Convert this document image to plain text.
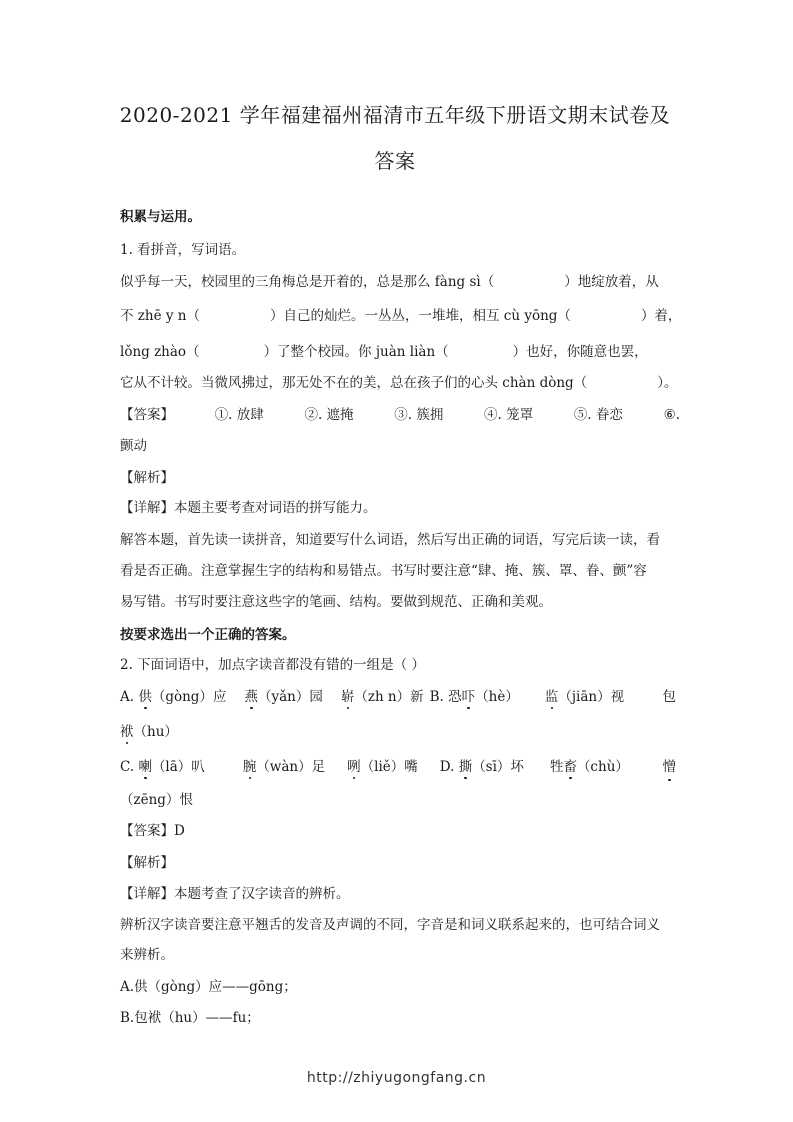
2020-2021 学年福建福州福清市五年级下册语文期末试卷及
答案
积累与运用。
1. 看拼音，写词语。
似乎每一天，校园里的三角梅总是开着的，总是那么 fàng sì（	）地绽放着，从
不 zhē y n（	）自己的灿烂。一丛丛，一堆堆，相互 cù yōng（	）着，
lǒng zhào（	）了整个校园。你 juàn liàn（	）也好，你随意也罢，
它从不计较。当微风拂过，那无处不在的美，总在孩子们的心头 chàn dòng（	）。
【答案】	①. 放肆	②. 遮掩	③. 簇拥	④. 笼罩	⑤. 眷恋	⑥.
颤动
【解析】
【详解】本题主要考查对词语的拼写能力。
解答本题，首先读一读拼音，知道要写什么词语，然后写出正确的词语，写完后读一读，看
看是否正确。注意掌握生字的结构和易错点。书写时要注意“肆、掩、簇、罩、眷、颤”容
易写错。书写时要注意这些字的笔画、结构。要做到规范、正确和美观。
按要求选出一个正确的答案。
2. 下面词语中，加点字读音都没有错的一组是（ ）
A. 供（gòng）应 燕（yǎn）园 崭（zh n）新 B. 恐吓（hè） 监（jiān）视	包
袱（hu）
C. 喇（lā）叭	腕（wàn）足 咧（liě）嘴 D. 撕（sī）坏 牲畜（chù） 憎
（zēng）恨
【答案】D
【解析】
【详解】本题考查了汉字读音的辨析。
辨析汉字读音要注意平翘舌的发音及声调的不同，字音是和词义联系起来的，也可结合词义
来辨析。
A.供（gòng）应——gōng；
B.包袱（hu）——fu；
http://zhiyugongfang.cn
